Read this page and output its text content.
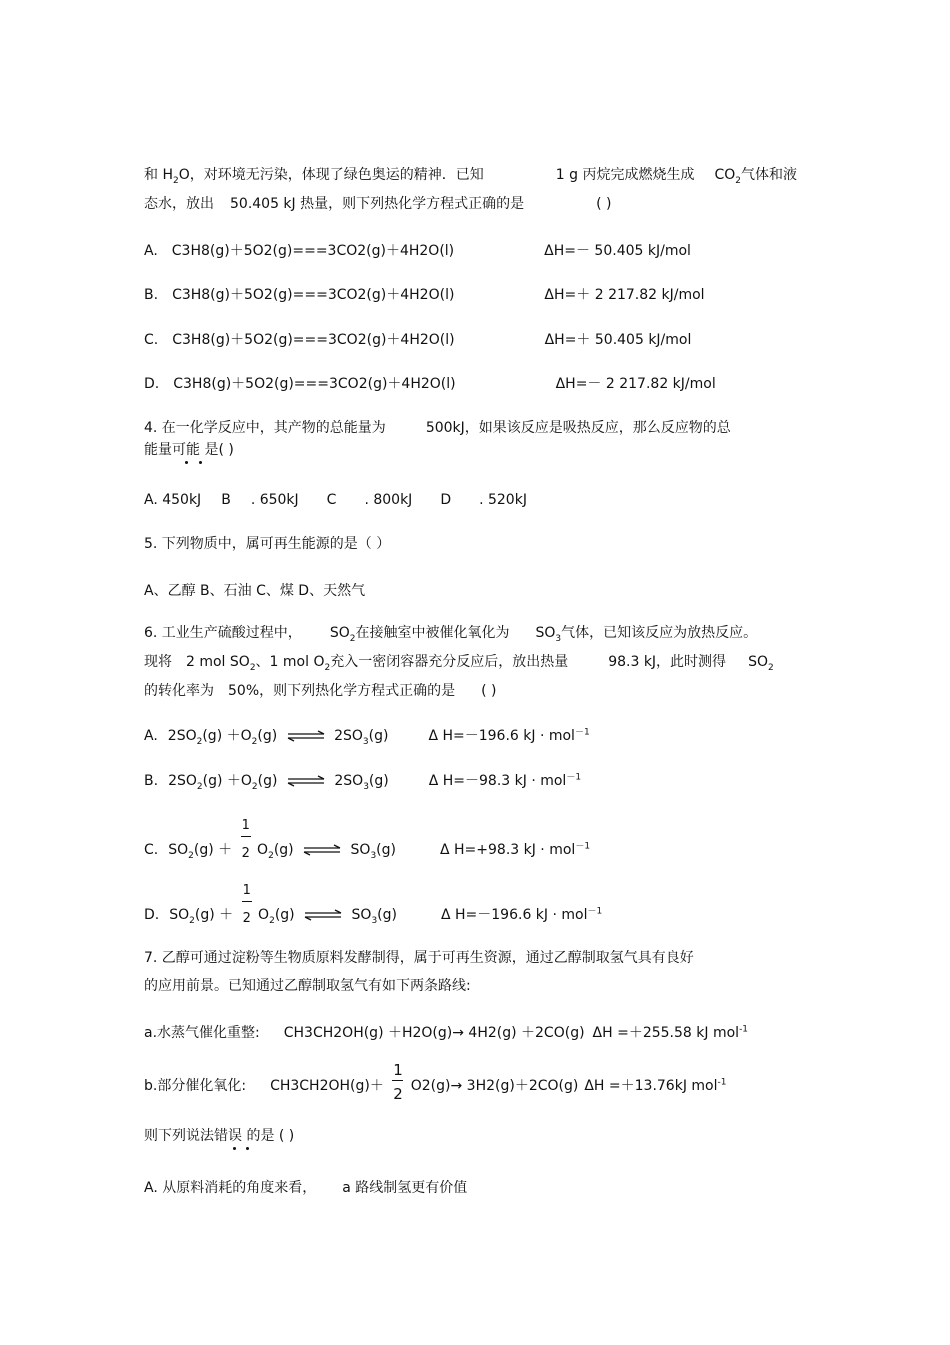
和 $H_2O$，对环境无污染，体现了绿色奥运的精神．已知	1 g 丙烷完成燃烧生成 $CO_2$气体和液
态水，放出 50.405 kJ 热量，则下列热化学方程式正确的是	( )
A. C3H8(g)＋5O2(g)===3CO2(g)＋4H2O(l)	ΔH=－ 50.405 kJ/mol
B. C3H8(g)＋5O2(g)===3CO2(g)＋4H2O(l)	ΔH=＋ 2 217.82 kJ/mol
C. C3H8(g)＋5O2(g)===3CO2(g)＋4H2O(l)	ΔH=＋ 50.405 kJ/mol
D. C3H8(g)＋5O2(g)===3CO2(g)＋4H2O(l)	ΔH=－ 2 217.82 kJ/mol
4. 在一化学反应中，其产物的总能量为	500kJ，如果该反应是吸热反应，那么反应物的总
能量可能 是( )
A. 450kJ B . 650kJ C . 800kJ D . 520kJ
5. 下列物质中，属可再生能源的是（ ）
A、乙醇 B、石油 C、煤 D、天然气
6. 工业生产硫酸过程中， $SO_2$在接触室中被催化氧化为 $SO_3$气体，已知该反应为放热反应。
现将 2 mol $SO_2$、1 mol $O_2$充入一密闭容器充分反应后，放出热量	98.3 kJ，此时测得 $SO_2$
的转化率为 50%，则下列热化学方程式正确的是 ( )
A. $2SO_2(g) +O_2(g)$ ⇌ $2SO_3(g)$	Δ H=－196.6 kJ · mol$^{-1}$
B. $2SO_2(g) +O_2(g)$ ⇌ $2SO_3(g)$	Δ H=－98.3 kJ · mol$^{-1}$
C. $SO_2(g) + \frac{1}{2} O_2(g)$ ⇌ $SO_3(g)$	Δ H=+98.3 kJ · mol$^{-1}$
D. $SO_2(g) + \frac{1}{2} O_2(g)$ ⇌ $SO_3(g)$	Δ H=－196.6 kJ · mol$^{-1}$
7. 乙醇可通过淀粉等生物质原料发酵制得，属于可再生资源，通过乙醇制取氢气具有良好
的应用前景。已知通过乙醇制取氢气有如下两条路线:
a.水蒸气催化重整: CH3CH2OH(g) ＋H2O(g)→ 4H2(g) ＋2CO(g) ΔH =＋255.58 kJ mol$^{-1}$
b.部分催化氧化: $CH3CH2OH(g)+ \frac{1}{2} O2(g)\to 3H2(g)+2CO(g)$ ΔH =＋13.76kJ mol$^{-1}$
则下列说法错误 的是 ( )
A. 从原料消耗的角度来看， a 路线制氢更有价值
